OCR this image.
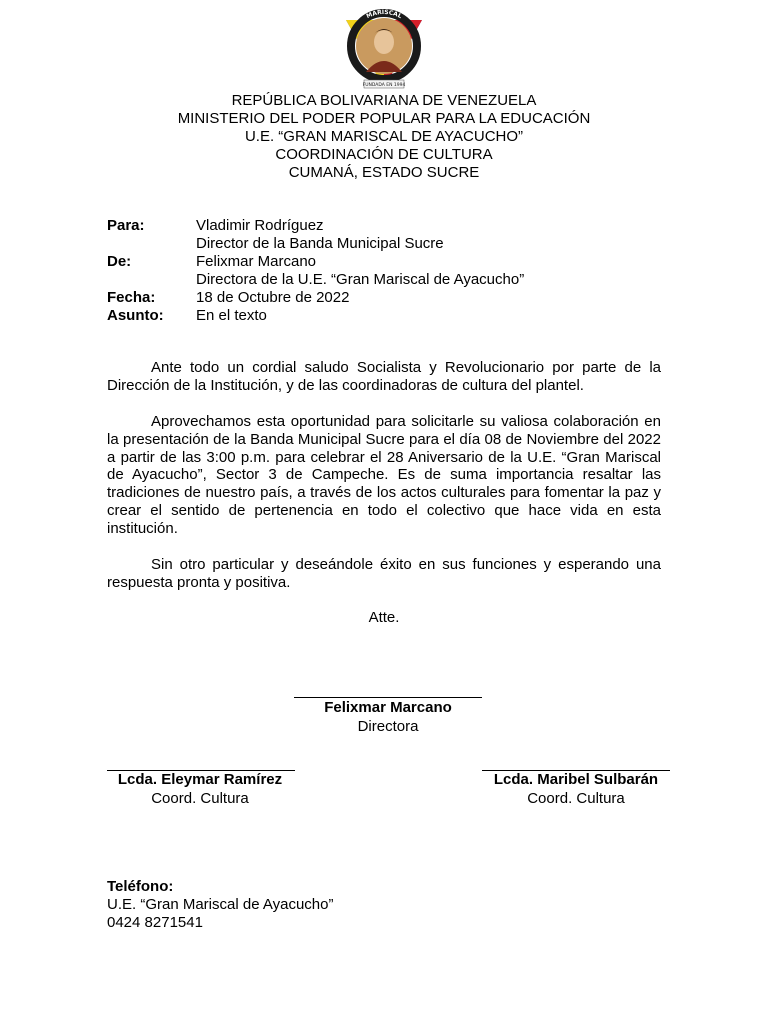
MARISCAL
FUNDADA EN 1994
REPÚBLICA BOLIVARIANA DE VENEZUELA
MINISTERIO DEL PODER POPULAR PARA LA EDUCACIÓN
U.E. “GRAN MARISCAL DE AYACUCHO”
COORDINACIÓN DE CULTURA
CUMANÁ, ESTADO SUCRE
Para:	Vladimir Rodríguez
Director de la Banda Municipal Sucre
De:	Felixmar Marcano
Directora de la U.E. “Gran Mariscal de Ayacucho”
Fecha:	18 de Octubre de 2022
Asunto:	En el texto

Ante todo un cordial saludo Socialista y Revolucionario por parte de la Dirección de la Institución, y de las coordinadoras de cultura del plantel.

Aprovechamos esta oportunidad para solicitarle su valiosa colaboración en la presentación de la Banda Municipal Sucre para el día 08 de Noviembre del 2022 a partir de las 3:00 p.m. para celebrar el 28 Aniversario de la U.E. “Gran Mariscal de Ayacucho”, Sector 3 de Campeche. Es de suma importancia resaltar las tradiciones de nuestro país, a través de los actos culturales para fomentar la paz y crear el sentido de pertenencia en todo el colectivo que hace vida en esta institución.

Sin otro particular y deseándole éxito en sus funciones y esperando una respuesta pronta y positiva.

Atte.
Felixmar Marcano
Directora
Lcda. Eleymar Ramírez
Coord. Cultura
Lcda. Maribel Sulbarán
Coord. Cultura
Teléfono:
U.E. “Gran Mariscal de Ayacucho”
0424 8271541
